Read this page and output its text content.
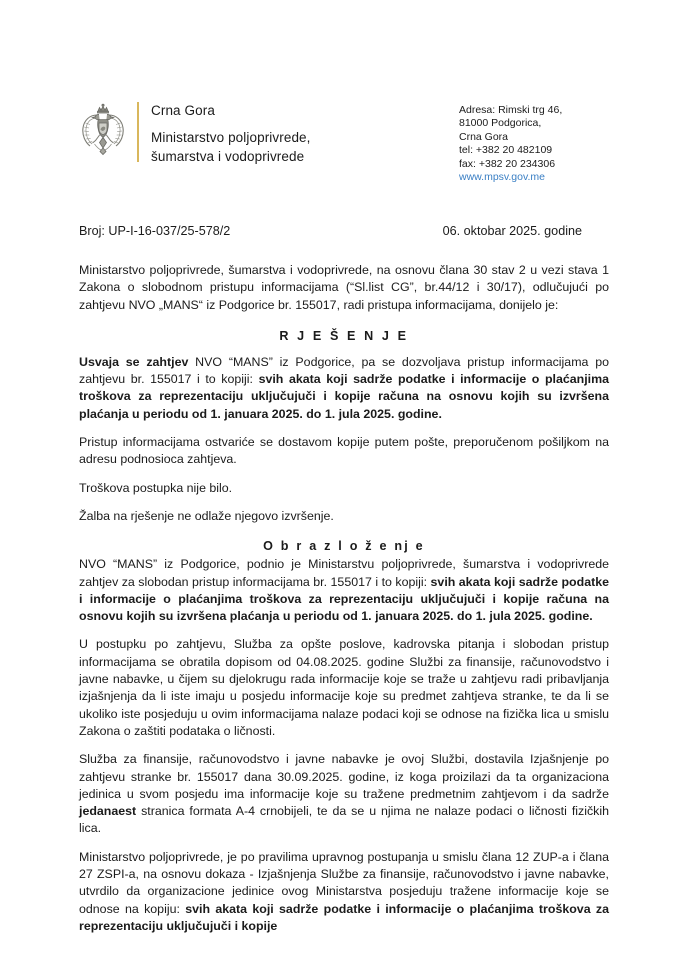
Crna Gora
Ministarstvo poljoprivrede,
šumarstva i vodoprivrede
Adresa: Rimski trg 46,
81000 Podgorica,
Crna Gora
tel: +382 20 482109
fax: +382 20 234306
www.mpsv.gov.me
Broj: UP-I-16-037/25-578/2	06. oktobar 2025. godine

Ministarstvo poljoprivrede, šumarstva i vodoprivrede, na osnovu člana 30 stav 2 u vezi stava 1 Zakona o slobodnom pristupu informacijama (“Sl.list CG”, br.44/12 i 30/17), odlučujući po zahtjevu NVO „MANS“ iz Podgorice br. 155017, radi pristupa informacijama, donijelo je:

R J E Š E N J E

Usvaja se zahtjev NVO “MANS” iz Podgorice, pa se dozvoljava pristup informacijama po zahtjevu br. 155017 i to kopiji: svih akata koji sadrže podatke i informacije o plaćanjima troškova za reprezentaciju uključujuči i kopije računa na osnovu kojih su izvršena plaćanja u periodu od 1. januara 2025. do 1. jula 2025. godine.

Pristup informacijama ostvariće se dostavom kopije putem pošte, preporučenom pošiljkom na adresu podnosioca zahtjeva.

Troškova postupka nije bilo.

Žalba na rješenje ne odlaže njegovo izvršenje.

O b r a z l o ž e nj e

NVO “MANS” iz Podgorice, podnio je Ministarstvu poljoprivrede, šumarstva i vodoprivrede zahtjev za slobodan pristup informacijama br. 155017 i to kopiji: svih akata koji sadrže podatke i informacije o plaćanjima troškova za reprezentaciju uključujuči i kopije računa na osnovu kojih su izvršena plaćanja u periodu od 1. januara 2025. do 1. jula 2025. godine.

U postupku po zahtjevu, Služba za opšte poslove, kadrovska pitanja i slobodan pristup informacijama se obratila dopisom od 04.08.2025. godine Službi za finansije, računovodstvo i javne nabavke, u čijem su djelokrugu rada informacije koje se traže u zahtjevu radi pribavljanja izjašnjenja da li iste imaju u posjedu informacije koje su predmet zahtjeva stranke, te da li se ukoliko iste posjeduju u ovim informacijama nalaze podaci koji se odnose na fizička lica u smislu Zakona o zaštiti podataka o ličnosti.

Služba za finansije, računovodstvo i javne nabavke je ovoj Službi, dostavila Izjašnjenje po zahtjevu stranke br. 155017 dana 30.09.2025. godine, iz koga proizilazi da ta organizaciona jedinica u svom posjedu ima informacije koje su tražene predmetnim zahtjevom i da sadrže jedanaest stranica formata A-4 crnobijeli, te da se u njima ne nalaze podaci o ličnosti fizičkih lica.

Ministarstvo poljoprivrede, je po pravilima upravnog postupanja u smislu člana 12 ZUP-a i člana 27 ZSPI-a, na osnovu dokaza - Izjašnjenja Službe za finansije, računovodstvo i javne nabavke, utvrdilo da organizacione jedinice ovog Ministarstva posjeduju tražene informacije koje se odnose na kopiju: svih akata koji sadrže podatke i informacije o plaćanjima troškova za reprezentaciju uključujuči i kopije
